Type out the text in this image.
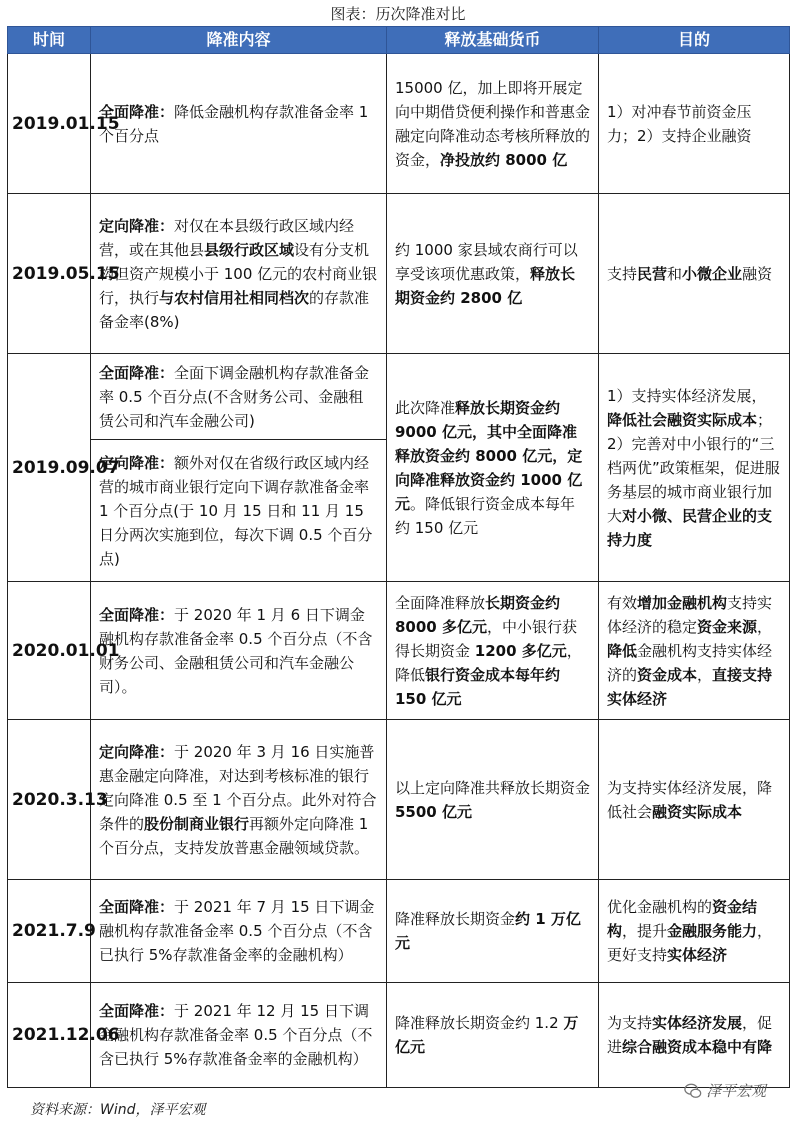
图表：历次降准对比
时间	降准内容	释放基础货币	目的
2019.01.15	全面降准：降低金融机构存款准备金率 1 个百分点	15000 亿，加上即将开展定向中期借贷便利操作和普惠金融定向降准动态考核所释放的资金，净投放约 8000 亿	1）对冲春节前资金压力；2）支持企业融资
2019.05.15	定向降准：对仅在本县级行政区域内经营，或在其他县县级行政区域设有分支机构但资产规模小于 100 亿元的农村商业银行，执行与农村信用社相同档次的存款准备金率(8%)	约 1000 家县域农商行可以享受该项优惠政策，释放长期资金约 2800 亿	支持民营和小微企业融资
2019.09.07	全面降准：全面下调金融机构存款准备金率 0.5 个百分点(不含财务公司、金融租赁公司和汽车金融公司)	此次降准释放长期资金约 9000 亿元，其中全面降准释放资金约 8000 亿元，定向降准释放资金约 1000 亿元。降低银行资金成本每年约 150 亿元	1）支持实体经济发展，降低社会融资实际成本；2）完善对中小银行的“三档两优”政策框架，促进服务基层的城市商业银行加大对小微、民营企业的支持力度
	定向降准：额外对仅在省级行政区域内经营的城市商业银行定向下调存款准备金率 1 个百分点(于 10 月 15 日和 11 月 15 日分两次实施到位，每次下调 0.5 个百分点)		
2020.01.01	全面降准：于 2020 年 1 月 6 日下调金融机构存款准备金率 0.5 个百分点（不含财务公司、金融租赁公司和汽车金融公司）。	全面降准释放长期资金约 8000 多亿元，中小银行获得长期资金 1200 多亿元，降低银行资金成本每年约 150 亿元	有效增加金融机构支持实体经济的稳定资金来源，降低金融机构支持实体经济的资金成本，直接支持实体经济
2020.3.13	定向降准：于 2020 年 3 月 16 日实施普惠金融定向降准，对达到考核标准的银行定向降准 0.5 至 1 个百分点。此外对符合条件的股份制商业银行再额外定向降准 1 个百分点，支持发放普惠金融领域贷款。	以上定向降准共释放长期资金 5500 亿元	为支持实体经济发展，降低社会融资实际成本
2021.7.9	全面降准：于 2021 年 7 月 15 日下调金融机构存款准备金率 0.5 个百分点（不含已执行 5%存款准备金率的金融机构）	降准释放长期资金约 1 万亿元	优化金融机构的资金结构，提升金融服务能力，更好支持实体经济
2021.12.06	全面降准：于 2021 年 12 月 15 日下调金融机构存款准备金率 0.5 个百分点（不含已执行 5%存款准备金率的金融机构）	降准释放长期资金约 1.2 万亿元	为支持实体经济发展，促进综合融资成本稳中有降
泽平宏观
资料来源：Wind，泽平宏观
